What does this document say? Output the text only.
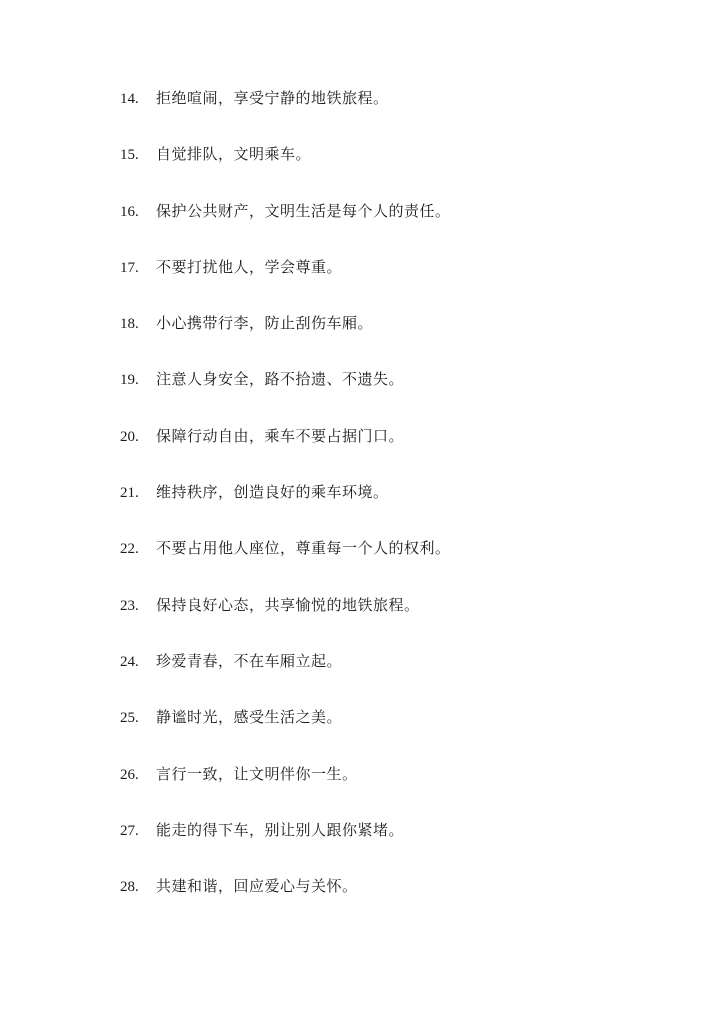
14. 拒绝喧闹，享受宁静的地铁旅程。
15. 自觉排队，文明乘车。
16. 保护公共财产，文明生活是每个人的责任。
17. 不要打扰他人，学会尊重。
18. 小心携带行李，防止刮伤车厢。
19. 注意人身安全，路不拾遗、不遗失。
20. 保障行动自由，乘车不要占据门口。
21. 维持秩序，创造良好的乘车环境。
22. 不要占用他人座位，尊重每一个人的权利。
23. 保持良好心态，共享愉悦的地铁旅程。
24. 珍爱青春，不在车厢立起。
25. 静谧时光，感受生活之美。
26. 言行一致，让文明伴你一生。
27. 能走的得下车，别让别人跟你紧堵。
28. 共建和谐，回应爱心与关怀。
